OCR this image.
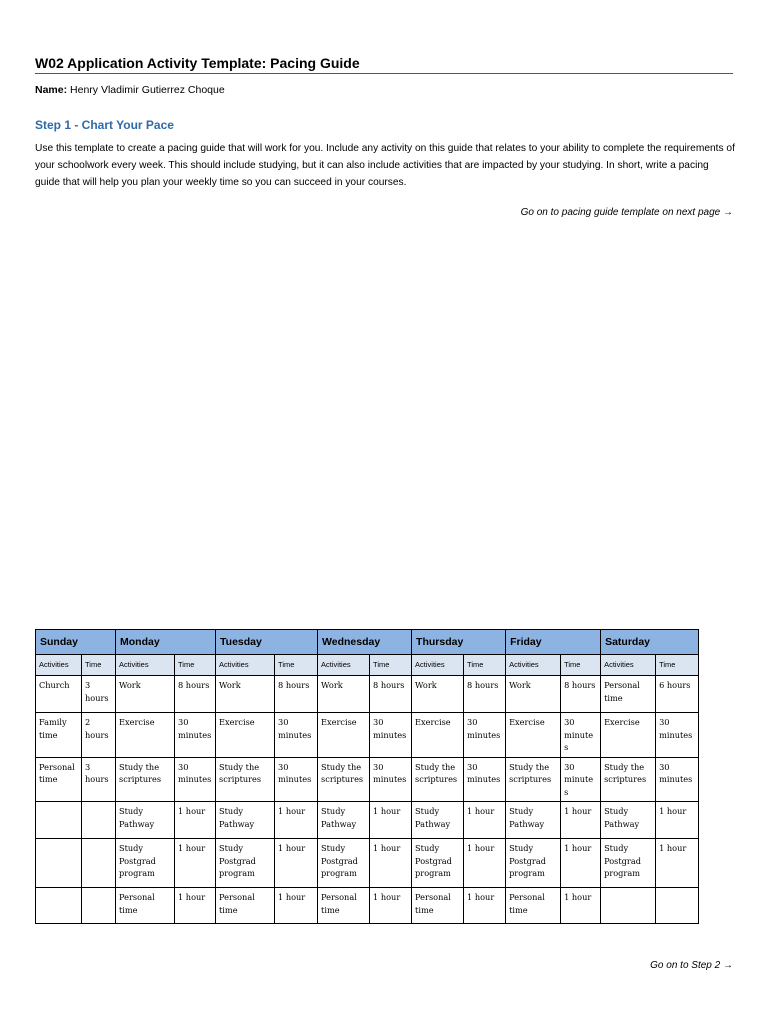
W02 Application Activity Template: Pacing Guide
Name: Henry Vladimir Gutierrez Choque
Step 1 - Chart Your Pace
Use this template to create a pacing guide that will work for you. Include any activity on this guide that relates to your ability to complete the requirements of your schoolwork every week. This should include studying, but it can also include activities that are impacted by your studying. In short, write a pacing guide that will help you plan your weekly time so you can succeed in your courses.
Go on to pacing guide template on next page →
Sunday		Monday		Tuesday		Wednesday		Thursday		Friday		Saturday	
Activities	Time	Activities	Time	Activities	Time	Activities	Time	Activities	Time	Activities	Time	Activities	Time
Church	3 hours	Work	8 hours	Work	8 hours	Work	8 hours	Work	8 hours	Work	8 hours	Personal time	6 hours
Family time	2 hours	Exercise	30 minutes	Exercise	30 minutes	Exercise	30 minutes	Exercise	30 minutes	Exercise	30 minutes	Exercise	30 minutes
Personal time	3 hours	Study the scriptures	30 minutes	Study the scriptures	30 minutes	Study the scriptures	30 minutes	Study the scriptures	30 minutes	Study the scriptures	30 minutes	Study the scriptures	30 minutes
		Study Pathway	1 hour	Study Pathway	1 hour	Study Pathway	1 hour	Study Pathway	1 hour	Study Pathway	1 hour	Study Pathway	1 hour
		Study Postgrad program	1 hour	Study Postgrad program	1 hour	Study Postgrad program	1 hour	Study Postgrad program	1 hour	Study Postgrad program	1 hour	Study Postgrad program	1 hour
		Personal time	1 hour	Personal time	1 hour	Personal time	1 hour	Personal time	1 hour	Personal time	1 hour		
Go on to Step 2 →
